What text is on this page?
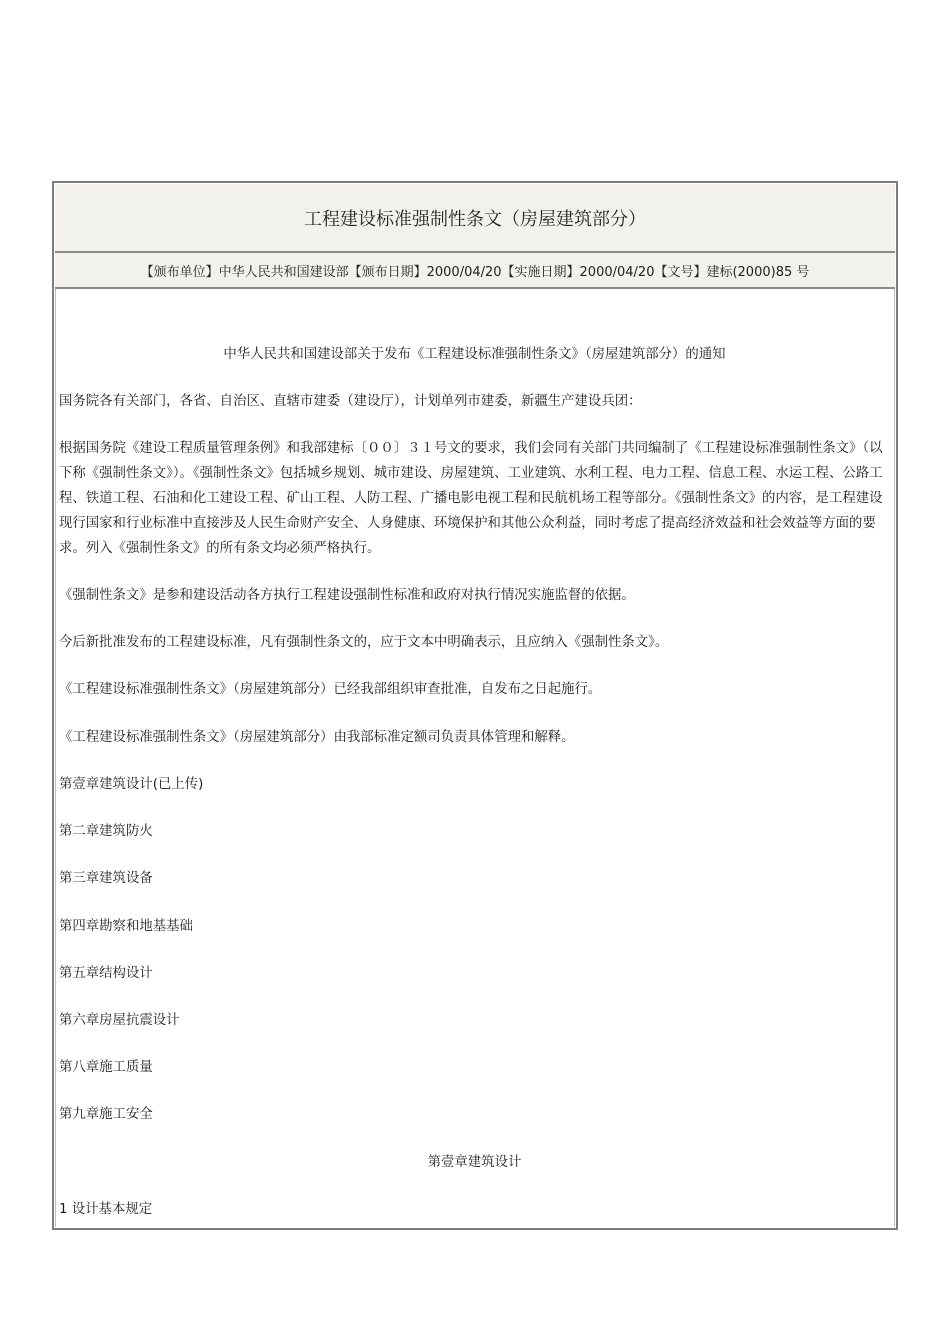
工程建设标准强制性条文（房屋建筑部分）
【颁布单位】中华人民共和国建设部【颁布日期】2000/04/20【实施日期】2000/04/20【文号】建标(2000)85 号

中华人民共和国建设部关于发布《工程建设标准强制性条文》（房屋建筑部分）的通知

国务院各有关部门，各省、自治区、直辖市建委（建设厅），计划单列市建委，新疆生产建设兵团：

根据国务院《建设工程质量管理条例》和我部建标〔００〕３１号文的要求，我们会同有关部门共同编制了《工程建设标准强制性条文》（以下称《强制性条文》）。《强制性条文》包括城乡规划、城市建设、房屋建筑、工业建筑、水利工程、电力工程、信息工程、水运工程、公路工程、铁道工程、石油和化工建设工程、矿山工程、人防工程、广播电影电视工程和民航机场工程等部分。《强制性条文》的内容，是工程建设现行国家和行业标准中直接涉及人民生命财产安全、人身健康、环境保护和其他公众利益，同时考虑了提高经济效益和社会效益等方面的要求。列入《强制性条文》的所有条文均必须严格执行。

《强制性条文》是参和建设活动各方执行工程建设强制性标准和政府对执行情况实施监督的依据。

今后新批准发布的工程建设标准，凡有强制性条文的，应于文本中明确表示，且应纳入《强制性条文》。

《工程建设标准强制性条文》（房屋建筑部分）已经我部组织审查批准，自发布之日起施行。

《工程建设标准强制性条文》（房屋建筑部分）由我部标准定额司负责具体管理和解释。

第壹章建筑设计(已上传)

第二章建筑防火

第三章建筑设备

第四章勘察和地基基础

第五章结构设计

第六章房屋抗震设计

第八章施工质量

第九章施工安全

第壹章建筑设计

1 设计基本规定
